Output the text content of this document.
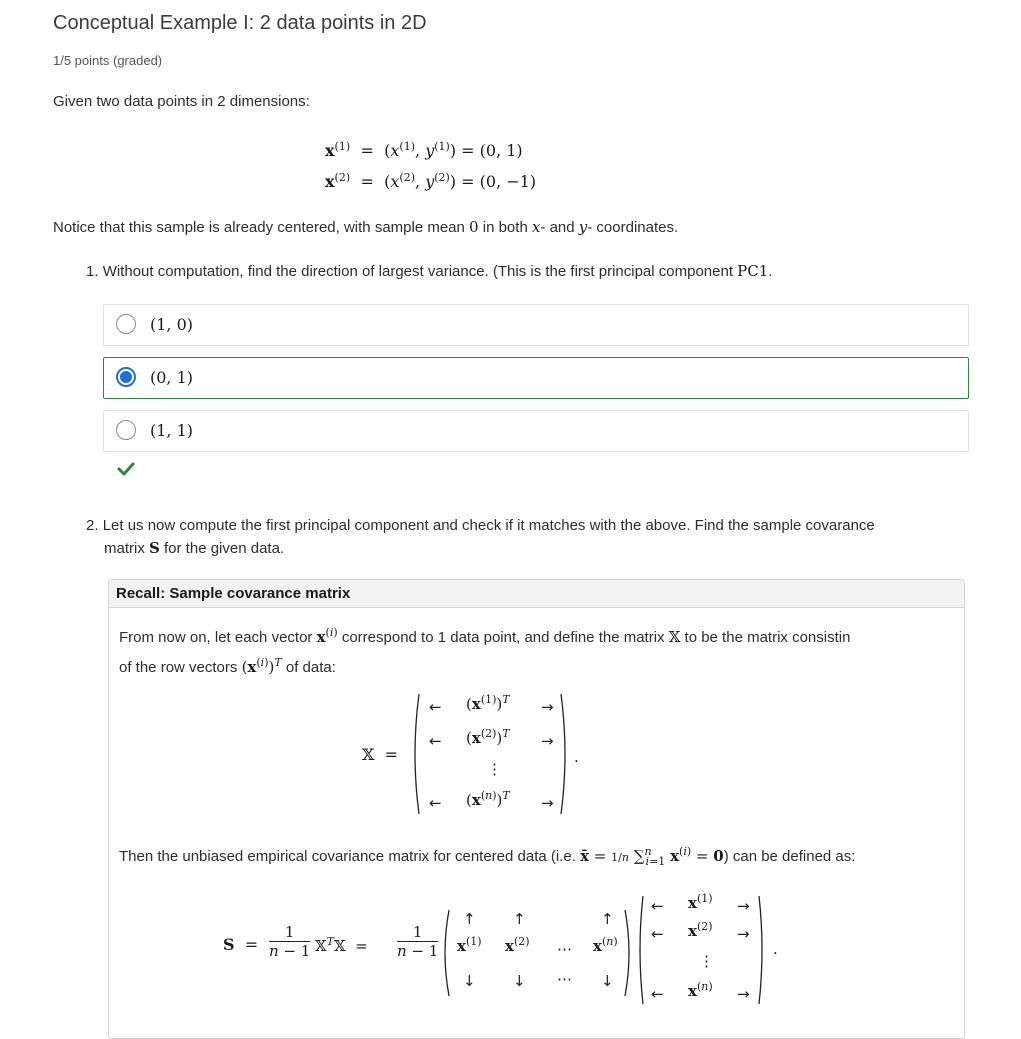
Conceptual Example I: 2 data points in 2D
1/5 points (graded)
Given two data points in 2 dimensions:
$x^{(1)} = (x^{(1)}$, $y^{(1)}) = (0$, 1)
$x^{(2)} = (x^{(2)}$, $y^{(2)}) = (0$, −1)
Notice that this sample is already centered, with sample mean 0 in both x- and y- coordinates.
1. Without computation, find the direction of largest variance. (This is the first principal component PC1.
(1, 0)
(0, 1)
(1, 1)
2. Let us now compute the first principal component and check if it matches with the above. Find the sample covarance
matrix S for the given data.
Recall: Sample covarance matrix
From now on, let each vector $x^{(i)}$ correspond to 1 data point, and define the matrix 𝕏 to be the matrix consistin
of the row vectors $(x^{(i)})^T$ of data:
𝕏  =
← $(x^{(1)})^T$ →
← $(x^{(2)})^T$ →
⋮
← $(x^{(n)})^T$ →
.
Then the unbiased empirical covariance matrix for centered data (i.e. x̄ = 1/n ∑$^n_{i=1}$ $x^{(i)} = 0$) can be defined as:
$S = \frac{1}{n - 1}$ 𝕏$^T$𝕏  = $\frac{1}{n - 1}$
↑
$x^{(1)}$
↓
↑
$x^{(2)}$
↓
⋯
⋯
↑
$x^{(n)}$
↓
← $x^{(1)}$ →
← $x^{(2)}$ →
⋮
← $x^{(n)}$ →
.
